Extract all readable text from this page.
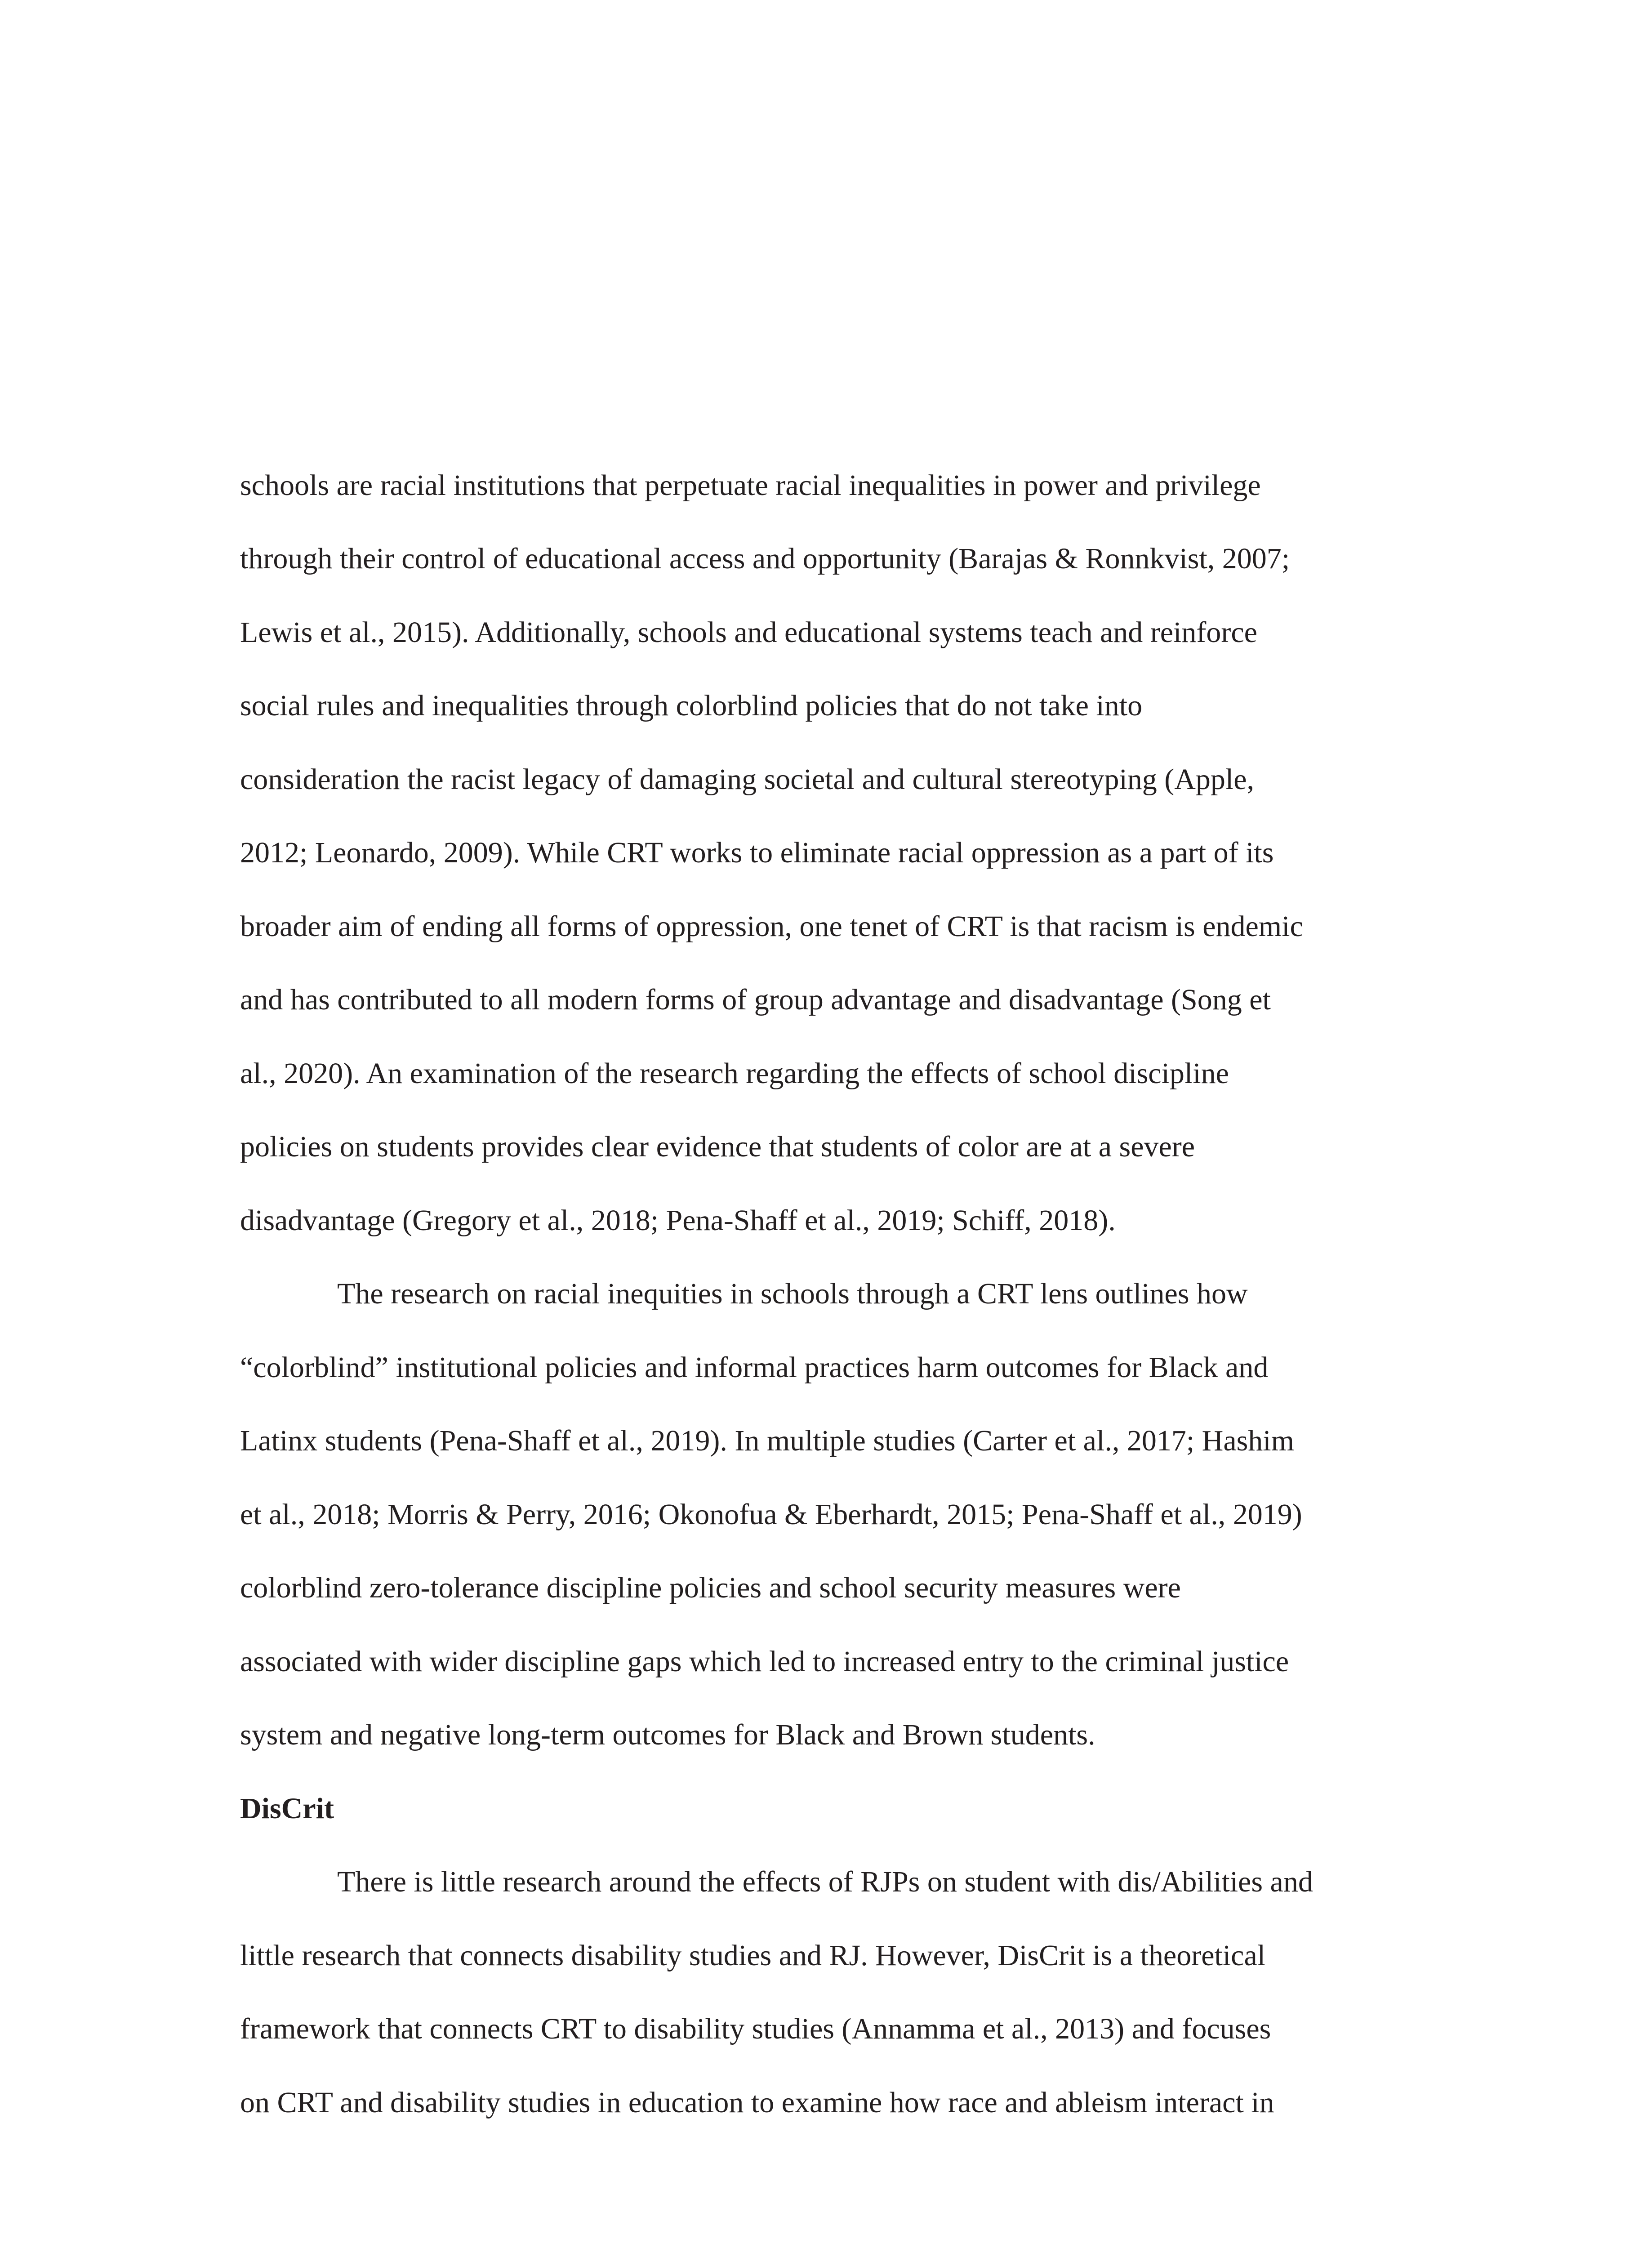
schools are racial institutions that perpetuate racial inequalities in power and privilege
through their control of educational access and opportunity (Barajas & Ronnkvist, 2007;
Lewis et al., 2015). Additionally, schools and educational systems teach and reinforce
social rules and inequalities through colorblind policies that do not take into
consideration the racist legacy of damaging societal and cultural stereotyping (Apple,
2012; Leonardo, 2009). While CRT works to eliminate racial oppression as a part of its
broader aim of ending all forms of oppression, one tenet of CRT is that racism is endemic
and has contributed to all modern forms of group advantage and disadvantage (Song et
al., 2020). An examination of the research regarding the effects of school discipline
policies on students provides clear evidence that students of color are at a severe
disadvantage (Gregory et al., 2018; Pena-Shaff et al., 2019; Schiff, 2018).
The research on racial inequities in schools through a CRT lens outlines how
“colorblind” institutional policies and informal practices harm outcomes for Black and
Latinx students (Pena-Shaff et al., 2019). In multiple studies (Carter et al., 2017; Hashim
et al., 2018; Morris & Perry, 2016; Okonofua & Eberhardt, 2015; Pena-Shaff et al., 2019)
colorblind zero-tolerance discipline policies and school security measures were
associated with wider discipline gaps which led to increased entry to the criminal justice
system and negative long-term outcomes for Black and Brown students.
DisCrit
There is little research around the effects of RJPs on student with dis/Abilities and
little research that connects disability studies and RJ. However, DisCrit is a theoretical
framework that connects CRT to disability studies (Annamma et al., 2013) and focuses
on CRT and disability studies in education to examine how race and ableism interact in
